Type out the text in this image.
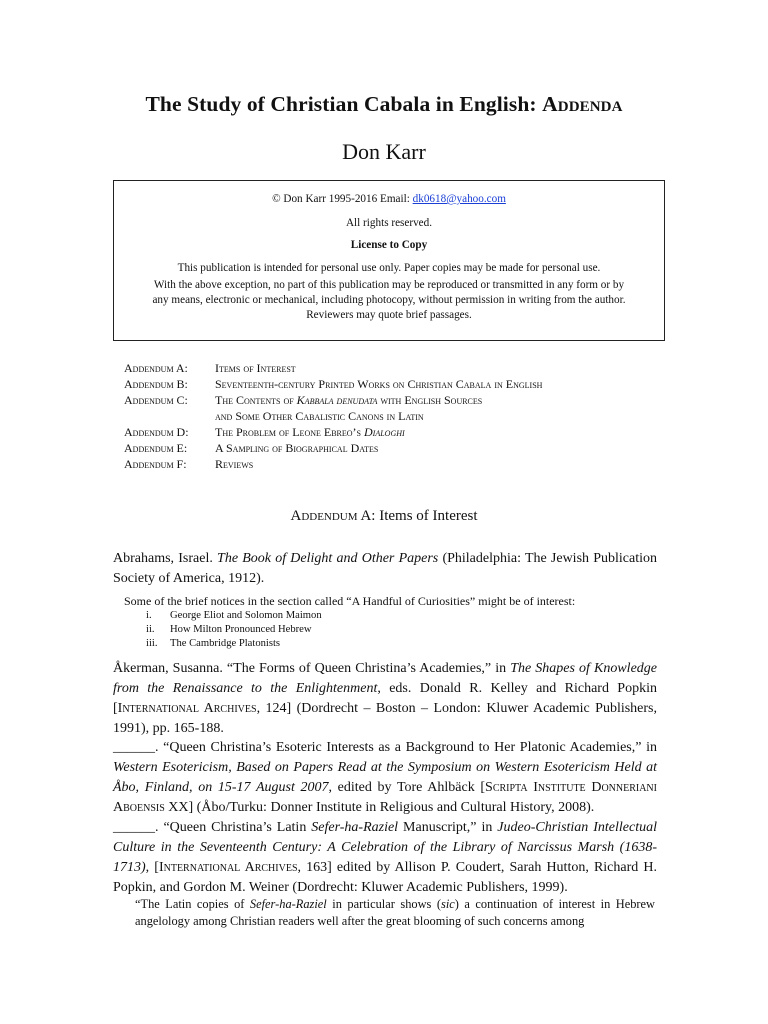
The Study of Christian Cabala in English: Addenda
Don Karr
© Don Karr 1995-2016 Email: dk0618@yahoo.com
All rights reserved.
License to Copy
This publication is intended for personal use only. Paper copies may be made for personal use.
With the above exception, no part of this publication may be reproduced or transmitted in any form or by
any means, electronic or mechanical, including photocopy, without permission in writing from the author.
Reviewers may quote brief passages.
Addendum A:	Items of Interest
Addendum B:	Seventeenth-century Printed Works on Christian Cabala in English
Addendum C:	The Contents of Kabbala denudata with English Sources
and Some Other Cabalistic Canons in Latin
Addendum D:	The Problem of Leone Ebreo’s Dialoghi
Addendum E:	A Sampling of Biographical Dates
Addendum F:	Reviews
Addendum A: Items of Interest
Abrahams, Israel. The Book of Delight and Other Papers (Philadelphia: The Jewish Publication Society of America, 1912).
Some of the brief notices in the section called “A Handful of Curiosities” might be of interest:
i.	George Eliot and Solomon Maimon
ii.	How Milton Pronounced Hebrew
iii.	The Cambridge Platonists
Åkerman, Susanna. “The Forms of Queen Christina’s Academies,” in The Shapes of Knowledge from the Renaissance to the Enlightenment, eds. Donald R. Kelley and Richard Popkin [International Archives, 124] (Dordrecht – Boston – London: Kluwer Academic Publishers, 1991), pp. 165-188.
______. “Queen Christina’s Esoteric Interests as a Background to Her Platonic Academies,” in Western Esotericism, Based on Papers Read at the Symposium on Western Esotericism Held at Åbo, Finland, on 15-17 August 2007, edited by Tore Ahlbäck [Scripta Institute Donneriani Aboensis XX] (Åbo/Turku: Donner Institute in Religious and Cultural History, 2008).
______. “Queen Christina’s Latin Sefer-ha-Raziel Manuscript,” in Judeo-Christian Intellectual Culture in the Seventeenth Century: A Celebration of the Library of Narcissus Marsh (1638-1713), [International Archives, 163] edited by Allison P. Coudert, Sarah Hutton, Richard H. Popkin, and Gordon M. Weiner (Dordrecht: Kluwer Academic Publishers, 1999).
“The Latin copies of Sefer-ha-Raziel in particular shows (sic) a continuation of interest in Hebrew angelology among Christian readers well after the great blooming of such concerns among
